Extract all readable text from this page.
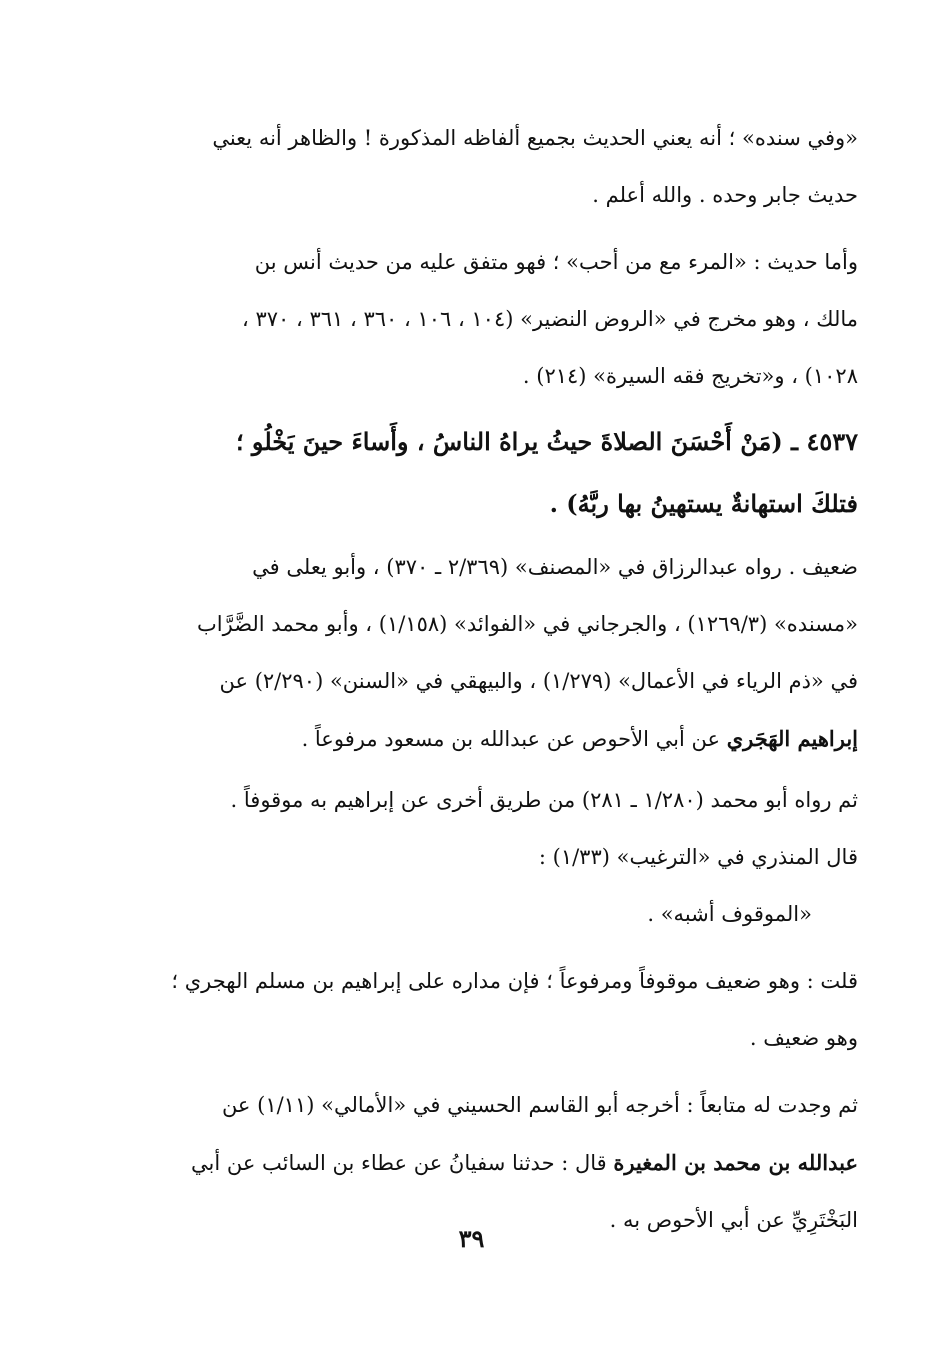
«وفي سنده» ؛ أنه يعني الحديث بجميع ألفاظه المذكورة ! والظاهر أنه يعني
حديث جابر وحده . والله أعلم .
وأما حديث : «المرء مع من أحب» ؛ فهو متفق عليه من حديث أنس بن
مالك ، وهو مخرج في «الروض النضير» (١٠٤ ، ١٠٦ ، ٣٦٠ ، ٣٦١ ، ٣٧٠ ،
١٠٢٨) ، و«تخريج فقه السيرة» (٢١٤) .
٤٥٣٧ ـ (مَنْ أَحْسَنَ الصلاةَ حيثُ يراهُ الناسُ ، وأَساءَ حينَ يَخْلُو ؛
فتلكَ استهانةٌ يستهينُ بها ربَّهُ) .
ضعيف . رواه عبدالرزاق في «المصنف» (٢/٣٦٩ ـ ٣٧٠) ، وأبو يعلى في
«مسنده» (١٢٦٩/٣) ، والجرجاني في «الفوائد» (١/١٥٨) ، وأبو محمد الضَّرَّاب
في «ذم الرياء في الأعمال» (١/٢٧٩) ، والبيهقي في «السنن» (٢/٢٩٠) عن
إبراهيم الهَجَري عن أبي الأحوص عن عبدالله بن مسعود مرفوعاً .
ثم رواه أبو محمد (١/٢٨٠ ـ ٢٨١) من طريق أخرى عن إبراهيم به موقوفاً .
قال المنذري في «الترغيب» (١/٣٣) :
«الموقوف أشبه» .
قلت : وهو ضعيف موقوفاً ومرفوعاً ؛ فإن مداره على إبراهيم بن مسلم الهجري ؛
وهو ضعيف .
ثم وجدت له متابعاً : أخرجه أبو القاسم الحسيني في «الأمالي» (١/١١) عن
عبدالله بن محمد بن المغيرة قال : حدثنا سفيانُ عن عطاء بن السائب عن أبي
البَخْتَرِيِّ عن أبي الأحوص به .
٣٩
